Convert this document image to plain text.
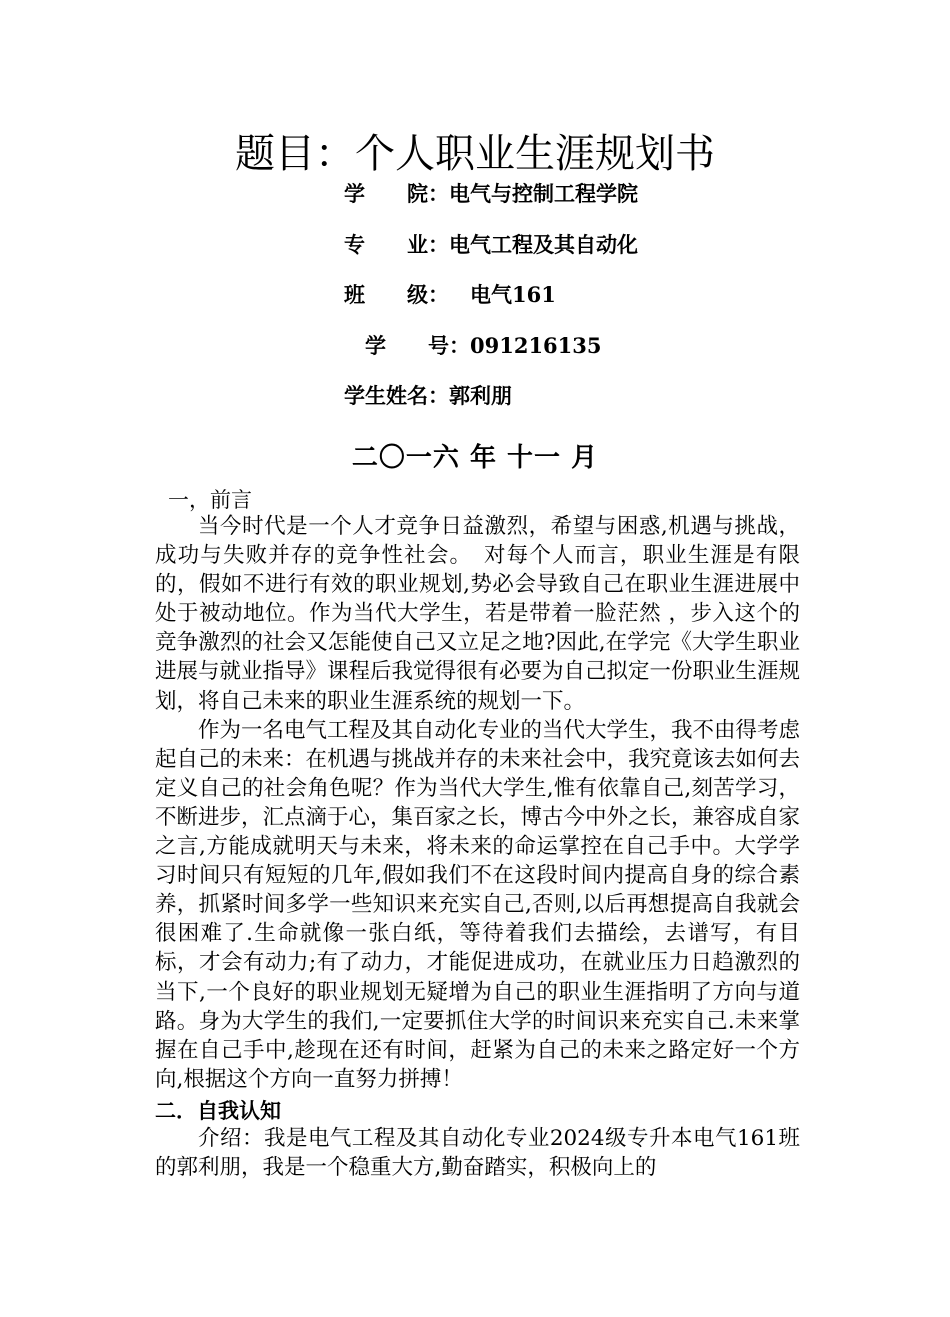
题目：个人职业生涯规划书
学　　院：电气与控制工程学院
专　　业：电气工程及其自动化
班　　级：　电气161
　学　　号：091216135
学生姓名：郭利朋
二〇一六 年 十一 月
一，前言

当今时代是一个人才竞争日益激烈，希望与困惑,机遇与挑战，成功与失败并存的竞争性社会。　对每个人而言，职业生涯是有限的，假如不进行有效的职业规划,势必会导致自己在职业生涯进展中处于被动地位。作为当代大学生，若是带着一脸茫然 ，步入这个的竞争激烈的社会又怎能使自己又立足之地?因此,在学完《大学生职业进展与就业指导》课程后我觉得很有必要为自己拟定一份职业生涯规划，将自己未来的职业生涯系统的规划一下。

作为一名电气工程及其自动化专业的当代大学生，我不由得考虑起自己的未来：在机遇与挑战并存的未来社会中，我究竟该去如何去定义自己的社会角色呢？作为当代大学生,惟有依靠自己,刻苦学习，不断进步，汇点滴于心，集百家之长，博古今中外之长，兼容成自家之言,方能成就明天与未来，将未来的命运掌控在自己手中。大学学习时间只有短短的几年,假如我们不在这段时间内提高自身的综合素养，抓紧时间多学一些知识来充实自己,否则,以后再想提高自我就会很困难了.生命就像一张白纸，等待着我们去描绘，去谱写，有目标，才会有动力;有了动力，才能促进成功，在就业压力日趋激烈的当下,一个良好的职业规划无疑增为自己的职业生涯指明了方向与道路。身为大学生的我们,一定要抓住大学的时间识来充实自己.未来掌握在自己手中,趁现在还有时间，赶紧为自己的未来之路定好一个方向,根据这个方向一直努力拼搏！

二．自我认知

介绍：我是电气工程及其自动化专业2024级专升本电气161班的郭利朋，我是一个稳重大方,勤奋踏实，积极向上的
